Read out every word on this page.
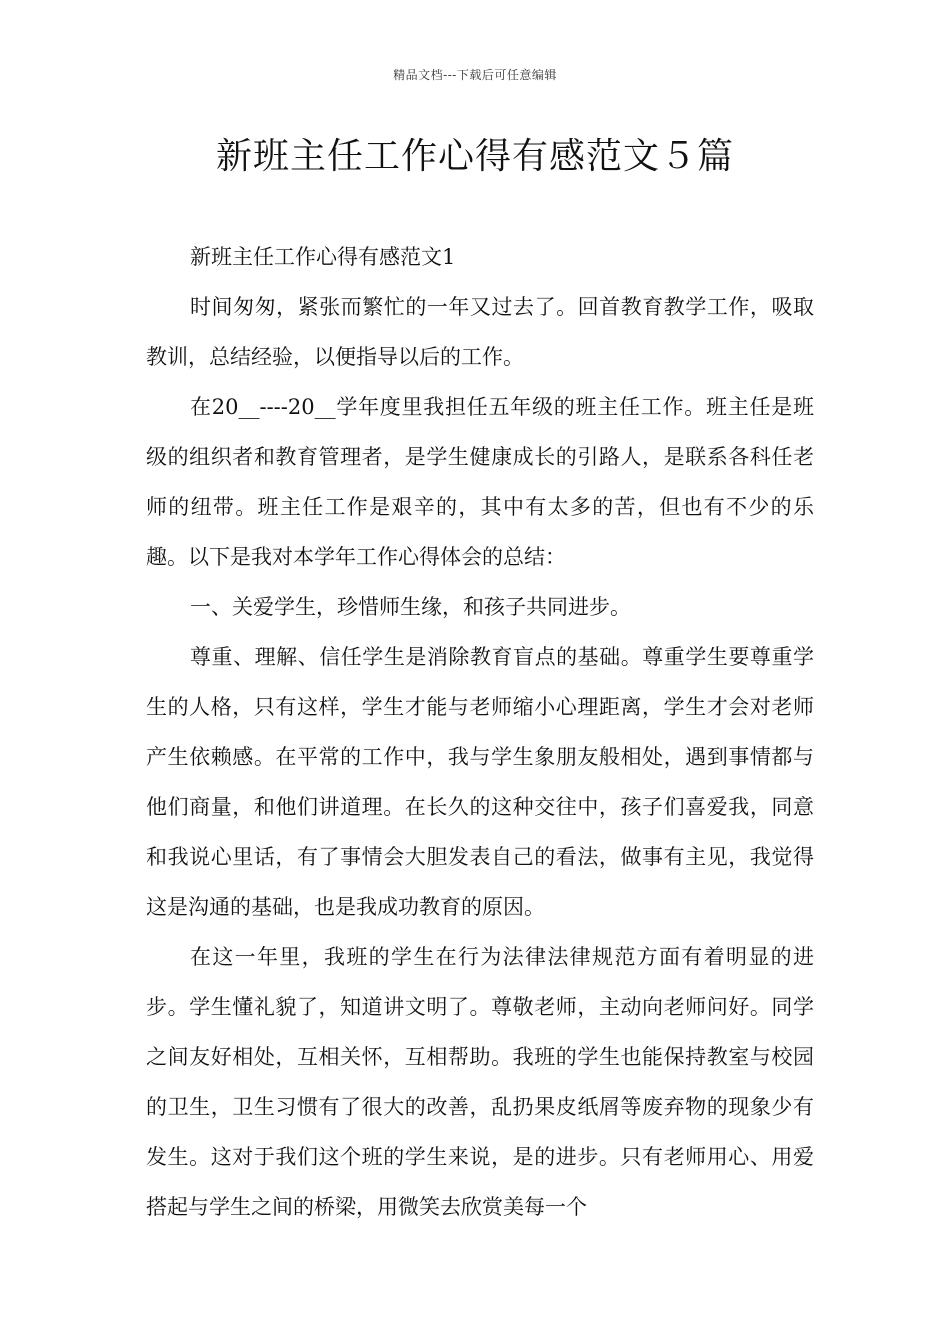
精品文档---下载后可任意编辑
新班主任工作心得有感范文５篇

新班主任工作心得有感范文1

时间匆匆，紧张而繁忙的一年又过去了。回首教育教学工作，吸取教训，总结经验，以便指导以后的工作。

在20__----20__学年度里我担任五年级的班主任工作。班主任是班级的组织者和教育管理者，是学生健康成长的引路人，是联系各科任老师的纽带。班主任工作是艰辛的，其中有太多的苦，但也有不少的乐趣。以下是我对本学年工作心得体会的总结：

一、关爱学生，珍惜师生缘，和孩子共同进步。

尊重、理解、信任学生是消除教育盲点的基础。尊重学生要尊重学生的人格，只有这样，学生才能与老师缩小心理距离，学生才会对老师产生依赖感。在平常的工作中，我与学生象朋友般相处，遇到事情都与他们商量，和他们讲道理。在长久的这种交往中，孩子们喜爱我，同意和我说心里话，有了事情会大胆发表自己的看法，做事有主见，我觉得这是沟通的基础，也是我成功教育的原因。

在这一年里，我班的学生在行为法律法律规范方面有着明显的进步。学生懂礼貌了，知道讲文明了。尊敬老师，主动向老师问好。同学之间友好相处，互相关怀，互相帮助。我班的学生也能保持教室与校园的卫生，卫生习惯有了很大的改善，乱扔果皮纸屑等废弃物的现象少有发生。这对于我们这个班的学生来说，是的进步。只有老师用心、用爱搭起与学生之间的桥梁，用微笑去欣赏美每一个
